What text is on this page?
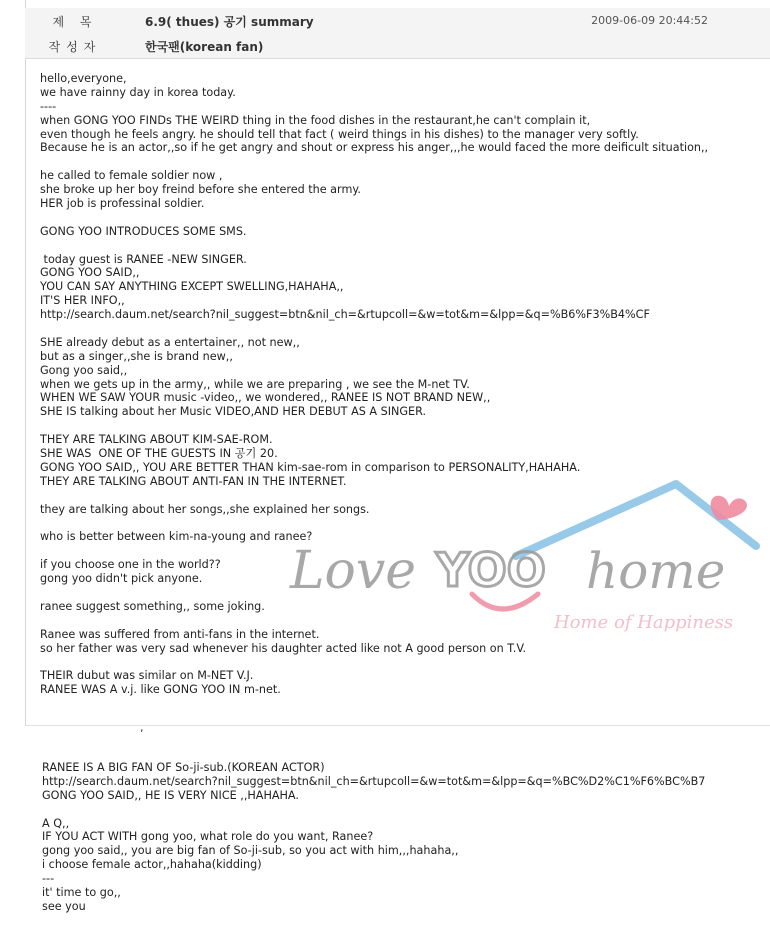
제 목	6.9( thues) 공기 summary	2009-06-09 20:44:52
작성자	한국팬(korean fan)
hello,everyone,
we have rainny day in korea today.
----
when GONG YOO FINDs THE WEIRD thing in the food dishes in the restaurant,he can't complain it,
even though he feels angry. he should tell that fact ( weird things in his dishes) to the manager very softly.
Because he is an actor,,so if he get angry and shout or express his anger,,,he would faced the more deificult situation,,
he called to female soldier now ,
she broke up her boy freind before she entered the army.
HER job is professinal soldier.
GONG YOO INTRODUCES SOME SMS.
today guest is RANEE -NEW SINGER.
GONG YOO SAID,,
YOU CAN SAY ANYTHING EXCEPT SWELLING,HAHAHA,,
IT'S HER INFO,,
http://search.daum.net/search?nil_suggest=btn&nil_ch=&rtupcoll=&w=tot&m=&lpp=&q=%B6%F3%B4%CF
SHE already debut as a entertainer,, not new,,
but as a singer,,she is brand new,,
Gong yoo said,,
when we gets up in the army,, while we are preparing , we see the M-net TV.
WHEN WE SAW YOUR music -video,, we wondered,, RANEE IS NOT BRAND NEW,,
SHE IS talking about her Music VIDEO,AND HER DEBUT AS A SINGER.
THEY ARE TALKING ABOUT KIM-SAE-ROM.
SHE WAS  ONE OF THE GUESTS IN 공기 20.
GONG YOO SAID,, YOU ARE BETTER THAN kim-sae-rom in comparison to PERSONALITY,HAHAHA.
THEY ARE TALKING ABOUT ANTI-FAN IN THE INTERNET.
they are talking about her songs,,she explained her songs.
who is better between kim-na-young and ranee?
if you choose one in the world??
gong yoo didn't pick anyone.
ranee suggest something,, some joking.
Ranee was suffered from anti-fans in the internet.
so her father was very sad whenever his daughter acted like not A good person on T.V.
THEIR dubut was similar on M-NET V.J.
RANEE WAS A v.j. like GONG YOO IN m-net.
,
RANEE IS A BIG FAN OF So-ji-sub.(KOREAN ACTOR)
http://search.daum.net/search?nil_suggest=btn&nil_ch=&rtupcoll=&w=tot&m=&lpp=&q=%BC%D2%C1%F6%BC%B7
GONG YOO SAID,, HE IS VERY NICE ,,HAHAHA.
A Q,,
IF YOU ACT WITH gong yoo, what role do you want, Ranee?
gong yoo said,, you are big fan of So-ji-sub, so you act with him,,,hahaha,,
i choose female actor,,hahaha(kidding)
---
it' time to go,,
see you
Love YOO home
Home of Happiness
